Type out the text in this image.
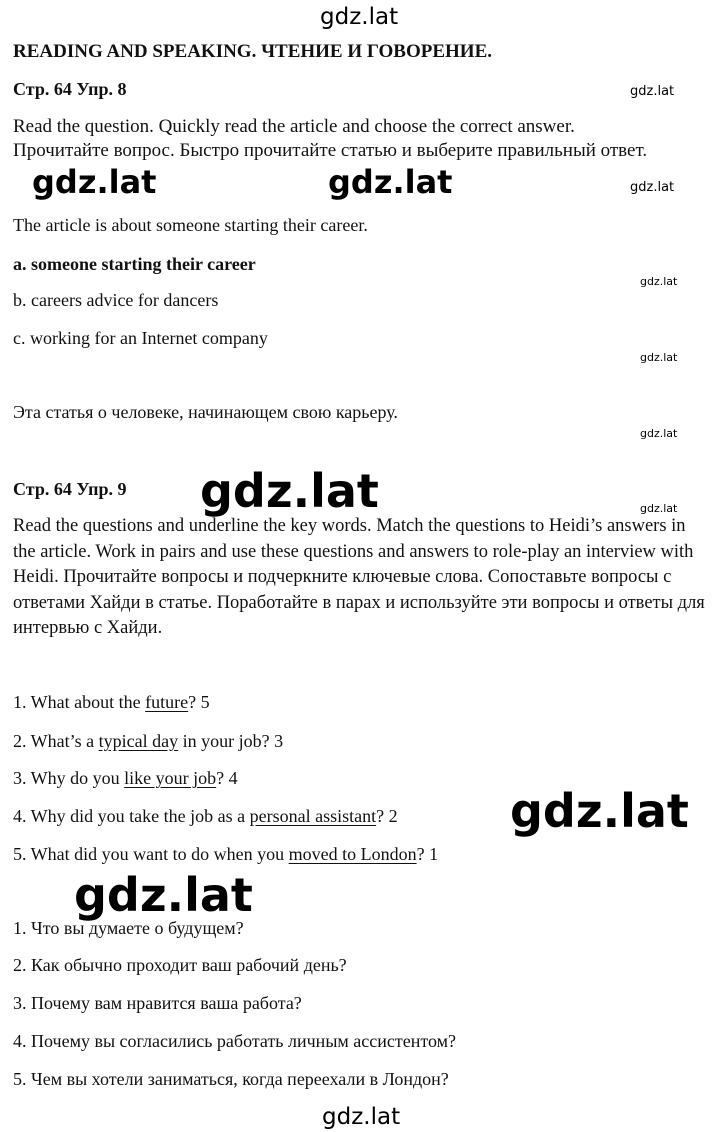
gdz.lat
gdz.lat
gdz.lat	gdz.lat	gdz.lat
gdz.lat
gdz.lat
gdz.lat
gdz.lat	gdz.lat
gdz.lat
gdz.lat
gdz.lat
READING AND SPEAKING. ЧТЕНИЕ И ГОВОРЕНИЕ.
Стр. 64 Упр. 8
Read the question. Quickly read the article and choose the correct answer.
Прочитайте вопрос. Быстро прочитайте статью и выберите правильный ответ.
The article is about someone starting their career.
a. someone starting their career
b. careers advice for dancers
c. working for an Internet company
Эта статья о человеке, начинающем свою карьеру.
Стр. 64 Упр. 9
Read the questions and underline the key words. Match the questions to Heidi’s answers in the article. Work in pairs and use these questions and answers to role-play an interview with Heidi. Прочитайте вопросы и подчеркните ключевые слова. Сопоставьте вопросы с ответами Хайди в статье. Поработайте в парах и используйте эти вопросы и ответы для интервью с Хайди.
1. What about the future? 5
2. What’s a typical day in your job? 3
3. Why do you like your job? 4
4. Why did you take the job as a personal assistant? 2
5. What did you want to do when you moved to London? 1
1. Что вы думаете о будущем?
2. Как обычно проходит ваш рабочий день?
3. Почему вам нравится ваша работа?
4. Почему вы согласились работать личным ассистентом?
5. Чем вы хотели заниматься, когда переехали в Лондон?
